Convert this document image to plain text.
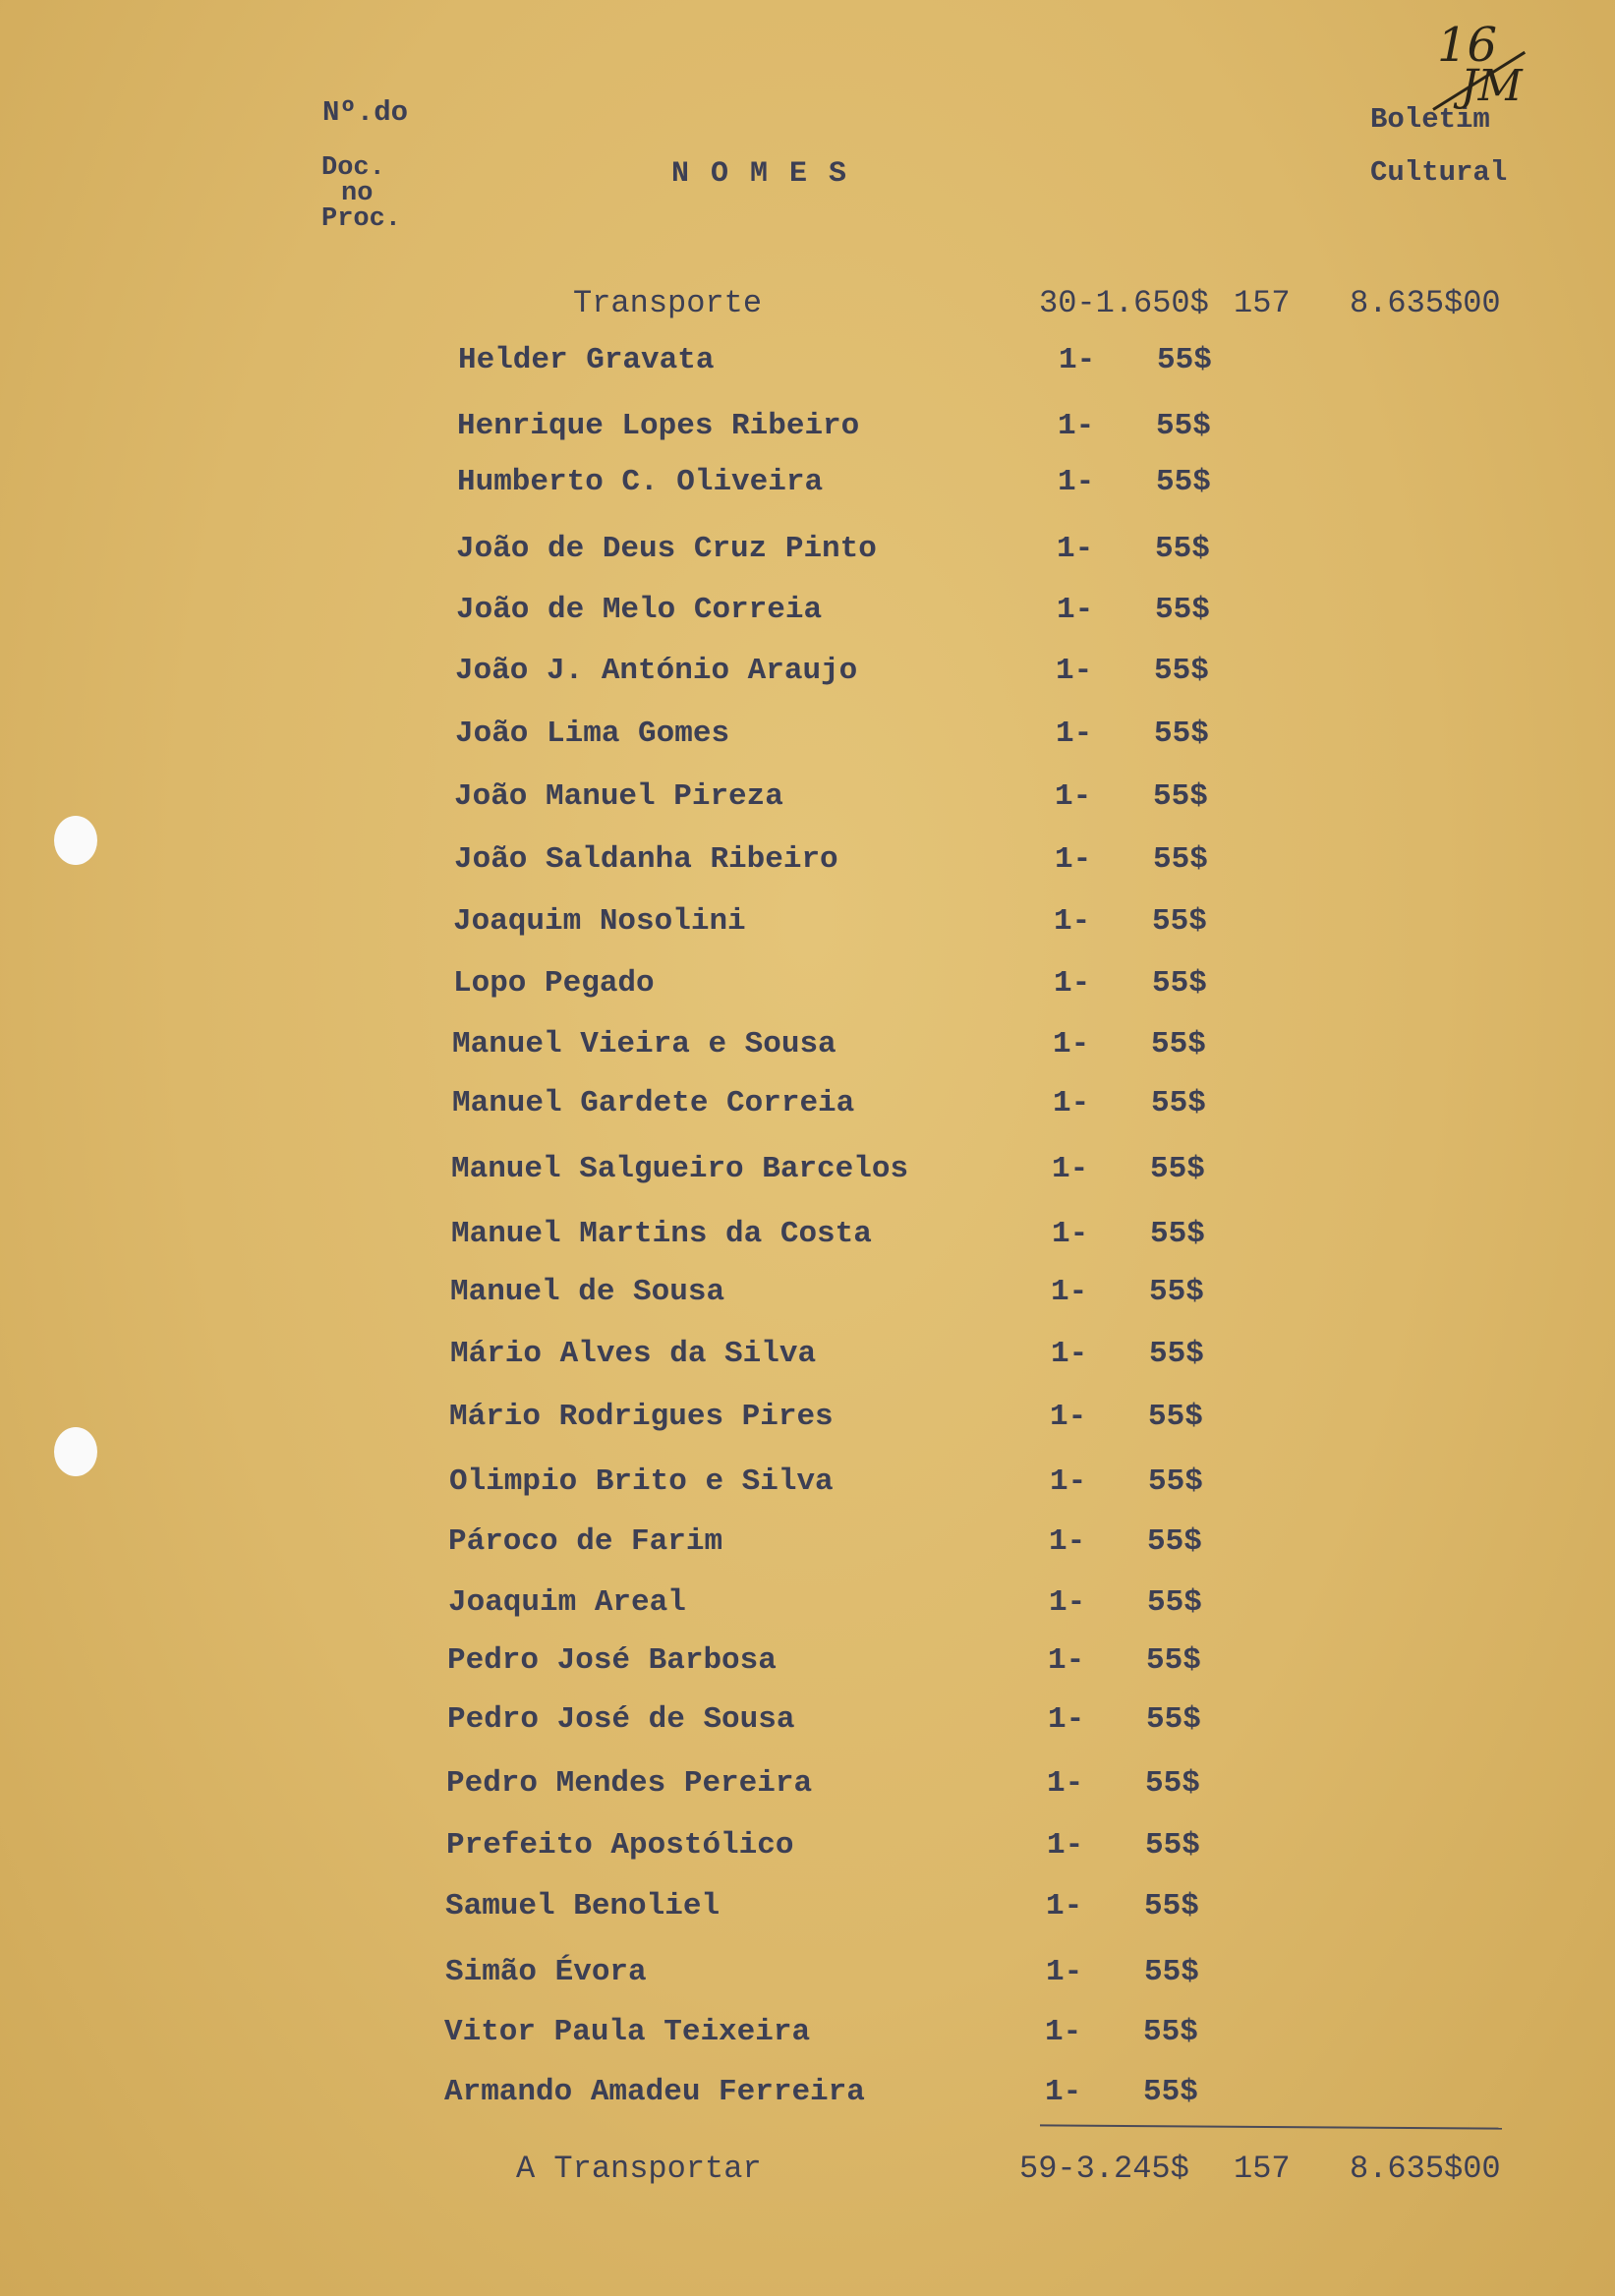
Nº.do
Doc.
no
Proc.
N O M E S
Boletim
Cultural
16
JM
Transporte	30-1.650$ 157 8.635$00
Helder Gravata	1- 55$
Henrique Lopes Ribeiro	1- 55$
Humberto C. Oliveira	1- 55$
João de Deus Cruz Pinto	1- 55$
João de Melo Correia	1- 55$
João J. António Araujo	1- 55$
João Lima Gomes	1- 55$
João Manuel Pireza	1- 55$
João Saldanha Ribeiro	1- 55$
Joaquim Nosolini	1- 55$
Lopo Pegado	1- 55$
Manuel Vieira e Sousa	1- 55$
Manuel Gardete Correia	1- 55$
Manuel Salgueiro Barcelos	1- 55$
Manuel Martins da Costa	1- 55$
Manuel de Sousa	1- 55$
Mário Alves da Silva	1- 55$
Mário Rodrigues Pires	1- 55$
Olimpio Brito e Silva	1- 55$
Pároco de Farim	1- 55$
Joaquim Areal	1- 55$
Pedro José Barbosa	1- 55$
Pedro José de Sousa	1- 55$
Pedro Mendes Pereira	1- 55$
Prefeito Apostólico	1- 55$
Samuel Benoliel	1- 55$
Simão Évora	1- 55$
Vitor Paula Teixeira	1- 55$
Armando Amadeu Ferreira	1- 55$
A Transportar	59-3.245$ 157 8.635$00
